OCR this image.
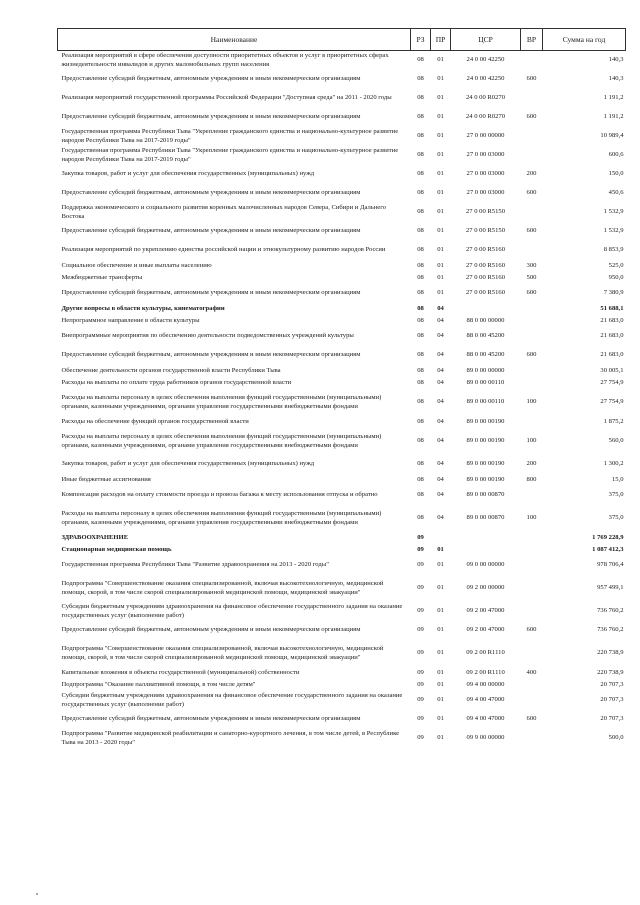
Наименование	РЗ	ПР	ЦСР	ВР	Сумма на год
Реализация мероприятий в сфере обеспечения доступности приоритетных объектов и услуг в приоритетных сферах жизнедеятельности инвалидов и других маломобильных групп населения	08	01	24 0 00 42250		140,3
Предоставление субсидий бюджетным, автономным учреждениям и иным некоммерческим организациям	08	01	24 0 00 42250	600	140,3
Реализация мероприятий государственной программы Российской Федерации "Доступная среда" на 2011 - 2020 годы	08	01	24 0 00 R0270		1 191,2
Предоставление субсидий бюджетным, автономным учреждениям и иным некоммерческим организациям	08	01	24 0 00 R0270	600	1 191,2
Государственная программа Республики Тыва "Укрепление гражданского единства и национально-культурное развитие народов Республики Тыва на 2017-2019 годы"	08	01	27 0 00 00000		10 989,4
Государственная программа Республики Тыва "Укрепление гражданского единства и национально-культурное развитие народов Республики Тыва на 2017-2019 годы"	08	01	27 0 00 03000		600,6
Закупка товаров, работ и услуг для обеспечения государственных (муниципальных) нужд	08	01	27 0 00 03000	200	150,0
Предоставление субсидий бюджетным, автономным учреждениям и иным некоммерческим организациям	08	01	27 0 00 03000	600	450,6
Поддержка экономического и социального развития коренных малочисленных народов Севера, Сибири и Дальнего Востока	08	01	27 0 00 R5150		1 532,9
Предоставление субсидий бюджетным, автономным учреждениям и иным некоммерческим организациям	08	01	27 0 00 R5150	600	1 532,9
Реализация мероприятий по укреплению единства российской нации и этнокультурному развитию народов России	08	01	27 0 00 R5160		8 853,9
Социальное обеспечение и иные выплаты населению	08	01	27 0 00 R5160	300	525,0
Межбюджетные трансферты	08	01	27 0 00 R5160	500	950,0
Предоставление субсидий бюджетным, автономным учреждениям и иным некоммерческим организациям	08	01	27 0 00 R5160	600	7 380,9
Другие вопросы в области культуры, кинематографии	08	04			51 688,1
Непрограммное направление в области культуры	08	04	88 0 00 00000		21 683,0
Внепрограммные мероприятия по обеспечению деятельности подведомственных учреждений культуры	08	04	88 0 00 45200		21 683,0
Предоставление субсидий бюджетным, автономным учреждениям и иным некоммерческим организациям	08	04	88 0 00 45200	600	21 683,0
Обеспечение деятельности органов государственной власти Республики Тыва	08	04	89 0 00 00000		30 005,1
Расходы на выплаты по оплате труда работников органов государственной власти	08	04	89 0 00 00110		27 754,9
Расходы на выплаты персоналу в целях обеспечения выполнения функций государственными (муниципальными) органами, казенными учреждениями, органами управления государственными внебюджетными фондами	08	04	89 0 00 00110	100	27 754,9
Расходы на обеспечение функций органов государственной власти	08	04	89 0 00 00190		1 875,2
Расходы на выплаты персоналу в целях обеспечения выполнения функций государственными (муниципальными) органами, казенными учреждениями, органами управления государственными внебюджетными фондами	08	04	89 0 00 00190	100	560,0
Закупка товаров, работ и услуг для обеспечения государственных (муниципальных) нужд	08	04	89 0 00 00190	200	1 300,2
Иные бюджетные ассигнования	08	04	89 0 00 00190	800	15,0
Компенсация расходов на оплату стоимости проезда и провоза багажа к месту использования отпуска и обратно	08	04	89 0 00 00870		375,0
Расходы на выплаты персоналу в целях обеспечения выполнения функций государственными (муниципальными) органами, казенными учреждениями, органами управления государственными внебюджетными фондами	08	04	89 0 00 00870	100	375,0
ЗДРАВООХРАНЕНИЕ	09				1 769 228,9
Стационарная медицинская помощь	09	01			1 087 412,3
Государственная программа Республики Тыва "Развитие здравоохранения на 2013 - 2020 годы"	09	01	09 0 00 00000		978 706,4
Подпрограмма "Совершенствование оказания специализированной, включая высокотехнологичную, медицинской помощи, скорой, в том числе скорой специализированной медицинской помощи, медицинской эвакуации"	09	01	09 2 00 00000		957 499,1
Субсидии бюджетным учреждениям здравоохранения на финансовое обеспечение государственного задания на оказание государственных услуг (выполнение работ)	09	01	09 2 00 47000		736 760,2
Предоставление субсидий бюджетным, автономным учреждениям и иным некоммерческим организациям	09	01	09 2 00 47000	600	736 760,2
Подпрограмма "Совершенствование оказания специализированной, включая высокотехнологичную, медицинской помощи, скорой, в том числе скорой специализированной медицинской помощи, медицинской эвакуации"	09	01	09 2 00 R1110		220 738,9
Капитальные вложения в объекты государственной (муниципальной) собственности	09	01	09 2 00 R1110	400	220 738,9
Подпрограмма "Оказание паллиативной помощи, в том числе детям"	09	01	09 4 00 00000		20 707,3
Субсидии бюджетным учреждениям здравоохранения на финансовое обеспечение государственного задания на оказание государственных услуг (выполнение работ)	09	01	09 4 00 47000		20 707,3
Предоставление субсидий бюджетным, автономным учреждениям и иным некоммерческим организациям	09	01	09 4 00 47000	600	20 707,3
Подпрограмма "Развитие медицинской реабилитации и санаторно-курортного лечения, в том числе детей, в Республике Тыва на 2013 - 2020 годы"	09	01	09 9 00 00000		500,0
